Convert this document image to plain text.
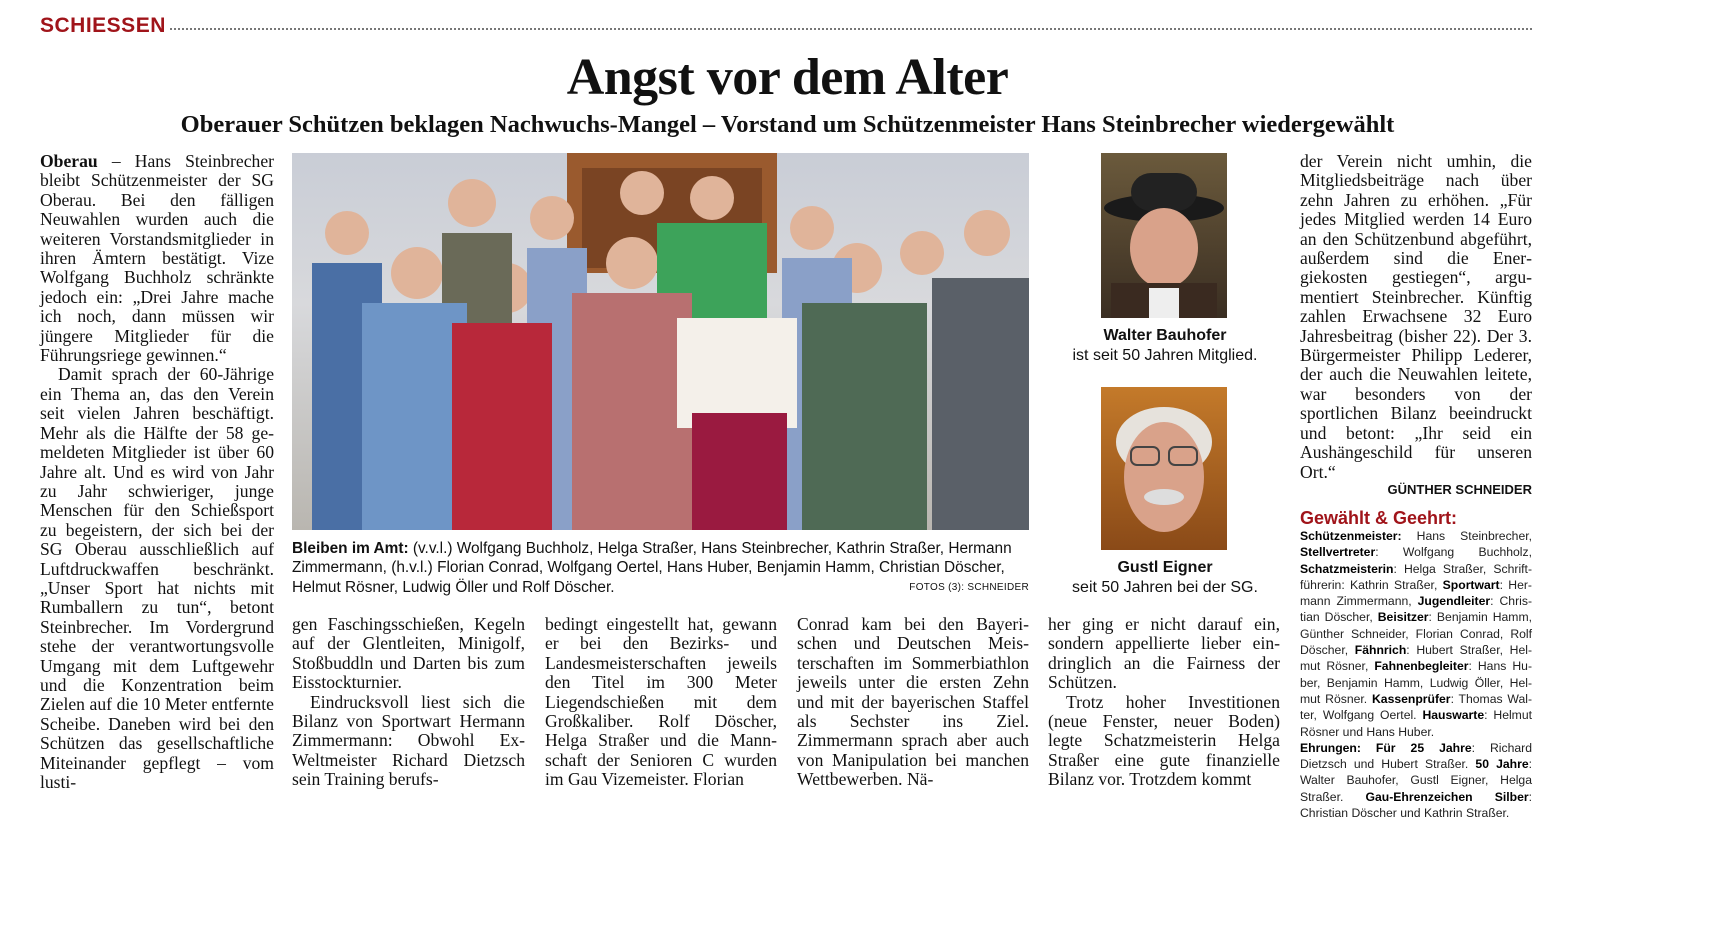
SCHIESSEN
Angst vor dem Alter
Oberauer Schützen beklagen Nachwuchs-Mangel – Vorstand um Schützenmeister Hans Steinbrecher wiedergewählt

Oberau – Hans Steinbrecher bleibt Schützenmeister der SG Oberau. Bei den fälligen Neuwahlen wurden auch die weiteren Vorstandsmitglieder in ihren Ämtern bestätigt. Vize Wolfgang Buchholz schränkte jedoch ein: „Drei Jahre mache ich noch, dann müssen wir jüngere Mitglieder für die Führungsriege gewinnen.“

Damit sprach der 60-Jährige ein Thema an, das den Verein seit vielen Jahren beschäftigt. Mehr als die Hälfte der 58 gemeldeten Mitglieder ist über 60 Jahre alt. Und es wird von Jahr zu Jahr schwieriger, junge Menschen für den Schießsport zu begeistern, der sich bei der SG Oberau ausschließlich auf Luftdruckwaffen beschränkt. „Unser Sport hat nichts mit Rumballern zu tun“, betont Steinbrecher. Im Vordergrund stehe der verantwortungsvolle Umgang mit dem Luftgewehr und die Konzentration beim Zielen auf die 10 Meter entfernte Scheibe. Daneben wird bei den Schützen das gesellschaftliche Miteinander gepflegt – vom lusti-

Bleiben im Amt: (v.v.l.) Wolfgang Buchholz, Helga Straßer, Hans Steinbrecher, Kathrin Straßer, Hermann Zimmermann, (h.v.l.) Florian Conrad, Wolfgang Oertel, Hans Huber, Benjamin Hamm, Christian Döscher, Helmut Rösner, Ludwig Öller und Rolf Döscher.	FOTOS (3): SCHNEIDER

gen Faschingsschießen, Kegeln auf der Glentleiten, Minigolf, Stoßbuddln und Darten bis zum Eisstockturnier.

Eindrucksvoll liest sich die Bilanz von Sportwart Hermann Zimmermann: Obwohl Ex-Weltmeister Richard Dietzsch sein Training berufs-

bedingt eingestellt hat, gewann er bei den Bezirks- und Landesmeisterschaften jeweils den Titel im 300 Meter Liegendschießen mit dem Großkaliber. Rolf Döscher, Helga Straßer und die Mannschaft der Senioren C wurden im Gau Vizemeister. Florian

Conrad kam bei den Bayerischen und Deutschen Meisterschaften im Sommerbiathlon jeweils unter die ersten Zehn und mit der bayerischen Staffel als Sechster ins Ziel. Zimmermann sprach aber auch von Manipulation bei manchen Wettbewerben. Nä-

her ging er nicht darauf ein, sondern appellierte lieber eindringlich an die Fairness der Schützen.

Trotz hoher Investitionen (neue Fenster, neuer Boden) legte Schatzmeisterin Helga Straßer eine gute finanzielle Bilanz vor. Trotzdem kommt

Walter Bauhofer
ist seit 50 Jahren Mitglied.
Gustl Eigner
seit 50 Jahren bei der SG.

der Verein nicht umhin, die Mitgliedsbeiträge nach über zehn Jahren zu erhöhen. „Für jedes Mitglied werden 14 Euro an den Schützenbund abgeführt, außerdem sind die Energiekosten gestiegen“, argumentiert Steinbrecher. Künftig zahlen Erwachsene 32 Euro Jahresbeitrag (bisher 22). Der 3. Bürgermeister Philipp Lederer, der auch die Neuwahlen leitete, war besonders von der sportlichen Bilanz beeindruckt und betont: „Ihr seid ein Aushängeschild für unseren Ort.“

GÜNTHER SCHNEIDER
Gewählt & Geehrt:
Schützenmeister: Hans Steinbrecher, Stellvertreter: Wolfgang Buchholz, Schatzmeisterin: Helga Straßer, Schriftführerin: Kathrin Straßer, Sportwart: Hermann Zimmermann, Jugendleiter: Christian Döscher, Beisitzer: Benjamin Hamm, Günther Schneider, Florian Conrad, Rolf Döscher, Fähnrich: Hubert Straßer, Helmut Rösner, Fahnenbegleiter: Hans Huber, Benjamin Hamm, Ludwig Öller, Helmut Rösner. Kassenprüfer: Thomas Walter, Wolfgang Oertel. Hauswarte: Helmut Rösner und Hans Huber.
Ehrungen: Für 25 Jahre: Richard Dietzsch und Hubert Straßer. 50 Jahre: Walter Bauhofer, Gustl Eigner, Helga Straßer. Gau-Ehrenzeichen Silber: Christian Döscher und Kathrin Straßer.
